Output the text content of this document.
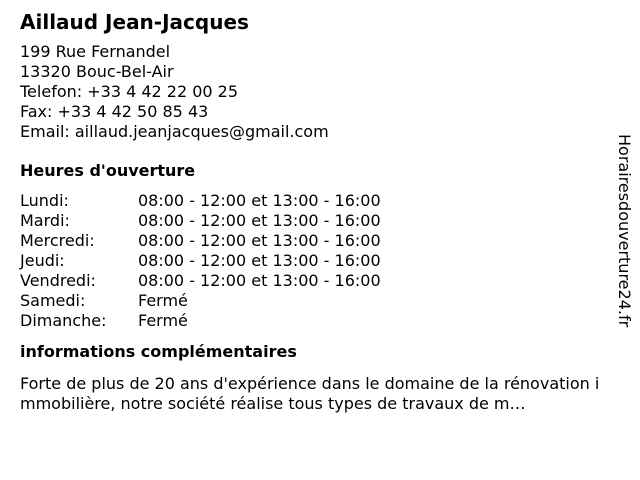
Aillaud Jean-Jacques
199 Rue Fernandel
13320 Bouc-Bel-Air
Telefon: +33 4 42 22 00 25
Fax: +33 4 42 50 85 43
Email: aillaud.jeanjacques@gmail.com
Heures d'ouverture
Lundi:	08:00 - 12:00 et 13:00 - 16:00
Mardi:	08:00 - 12:00 et 13:00 - 16:00
Mercredi:	08:00 - 12:00 et 13:00 - 16:00
Jeudi:	08:00 - 12:00 et 13:00 - 16:00
Vendredi:	08:00 - 12:00 et 13:00 - 16:00
Samedi:	Fermé
Dimanche:	Fermé
informations complémentaires
Forte de plus de 20 ans d'expérience dans le domaine de la rénovation immobilière, notre société réalise tous types de travaux de m…
Horairesdouverture24.fr
